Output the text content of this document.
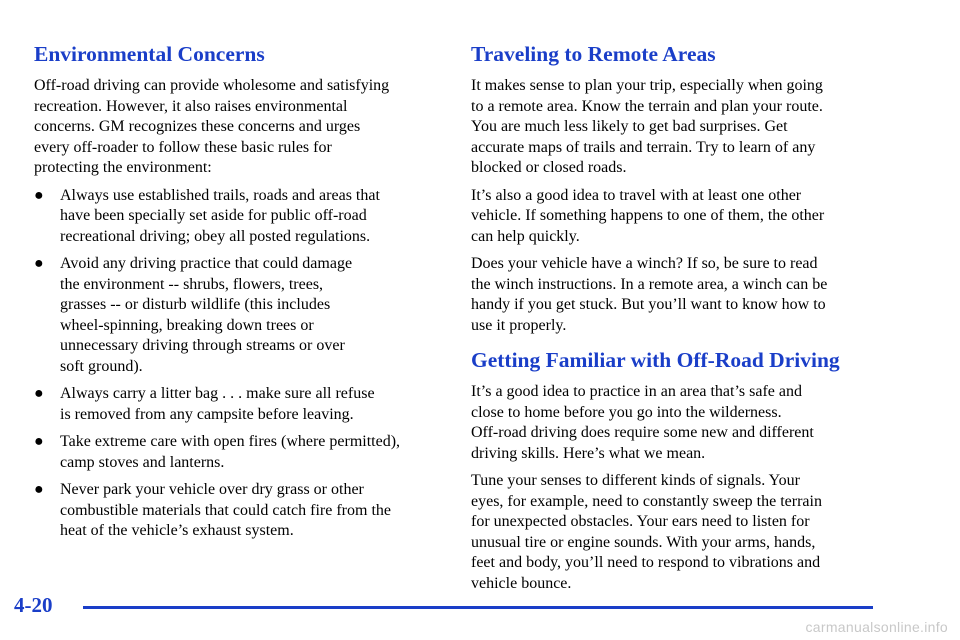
Environmental Concerns

Off-road driving can provide wholesome and satisfying
recreation. However, it also raises environmental
concerns. GM recognizes these concerns and urges
every off-roader to follow these basic rules for
protecting the environment:

● Always use established trails, roads and areas that
have been specially set aside for public off-road
recreational driving; obey all posted regulations.
● Avoid any driving practice that could damage
the environment -- shrubs, flowers, trees,
grasses -- or disturb wildlife (this includes
wheel-spinning, breaking down trees or
unnecessary driving through streams or over
soft ground).
● Always carry a litter bag . . . make sure all refuse
is removed from any campsite before leaving.
● Take extreme care with open fires (where permitted),
camp stoves and lanterns.
● Never park your vehicle over dry grass or other
combustible materials that could catch fire from the
heat of the vehicle’s exhaust system.
Traveling to Remote Areas

It makes sense to plan your trip, especially when going
to a remote area. Know the terrain and plan your route.
You are much less likely to get bad surprises. Get
accurate maps of trails and terrain. Try to learn of any
blocked or closed roads.

It’s also a good idea to travel with at least one other
vehicle. If something happens to one of them, the other
can help quickly.

Does your vehicle have a winch? If so, be sure to read
the winch instructions. In a remote area, a winch can be
handy if you get stuck. But you’ll want to know how to
use it properly.

Getting Familiar with Off-Road Driving

It’s a good idea to practice in an area that’s safe and
close to home before you go into the wilderness.
Off-road driving does require some new and different
driving skills. Here’s what we mean.

Tune your senses to different kinds of signals. Your
eyes, for example, need to constantly sweep the terrain
for unexpected obstacles. Your ears need to listen for
unusual tire or engine sounds. With your arms, hands,
feet and body, you’ll need to respond to vibrations and
vehicle bounce.

4-20
carmanualsonline.info
